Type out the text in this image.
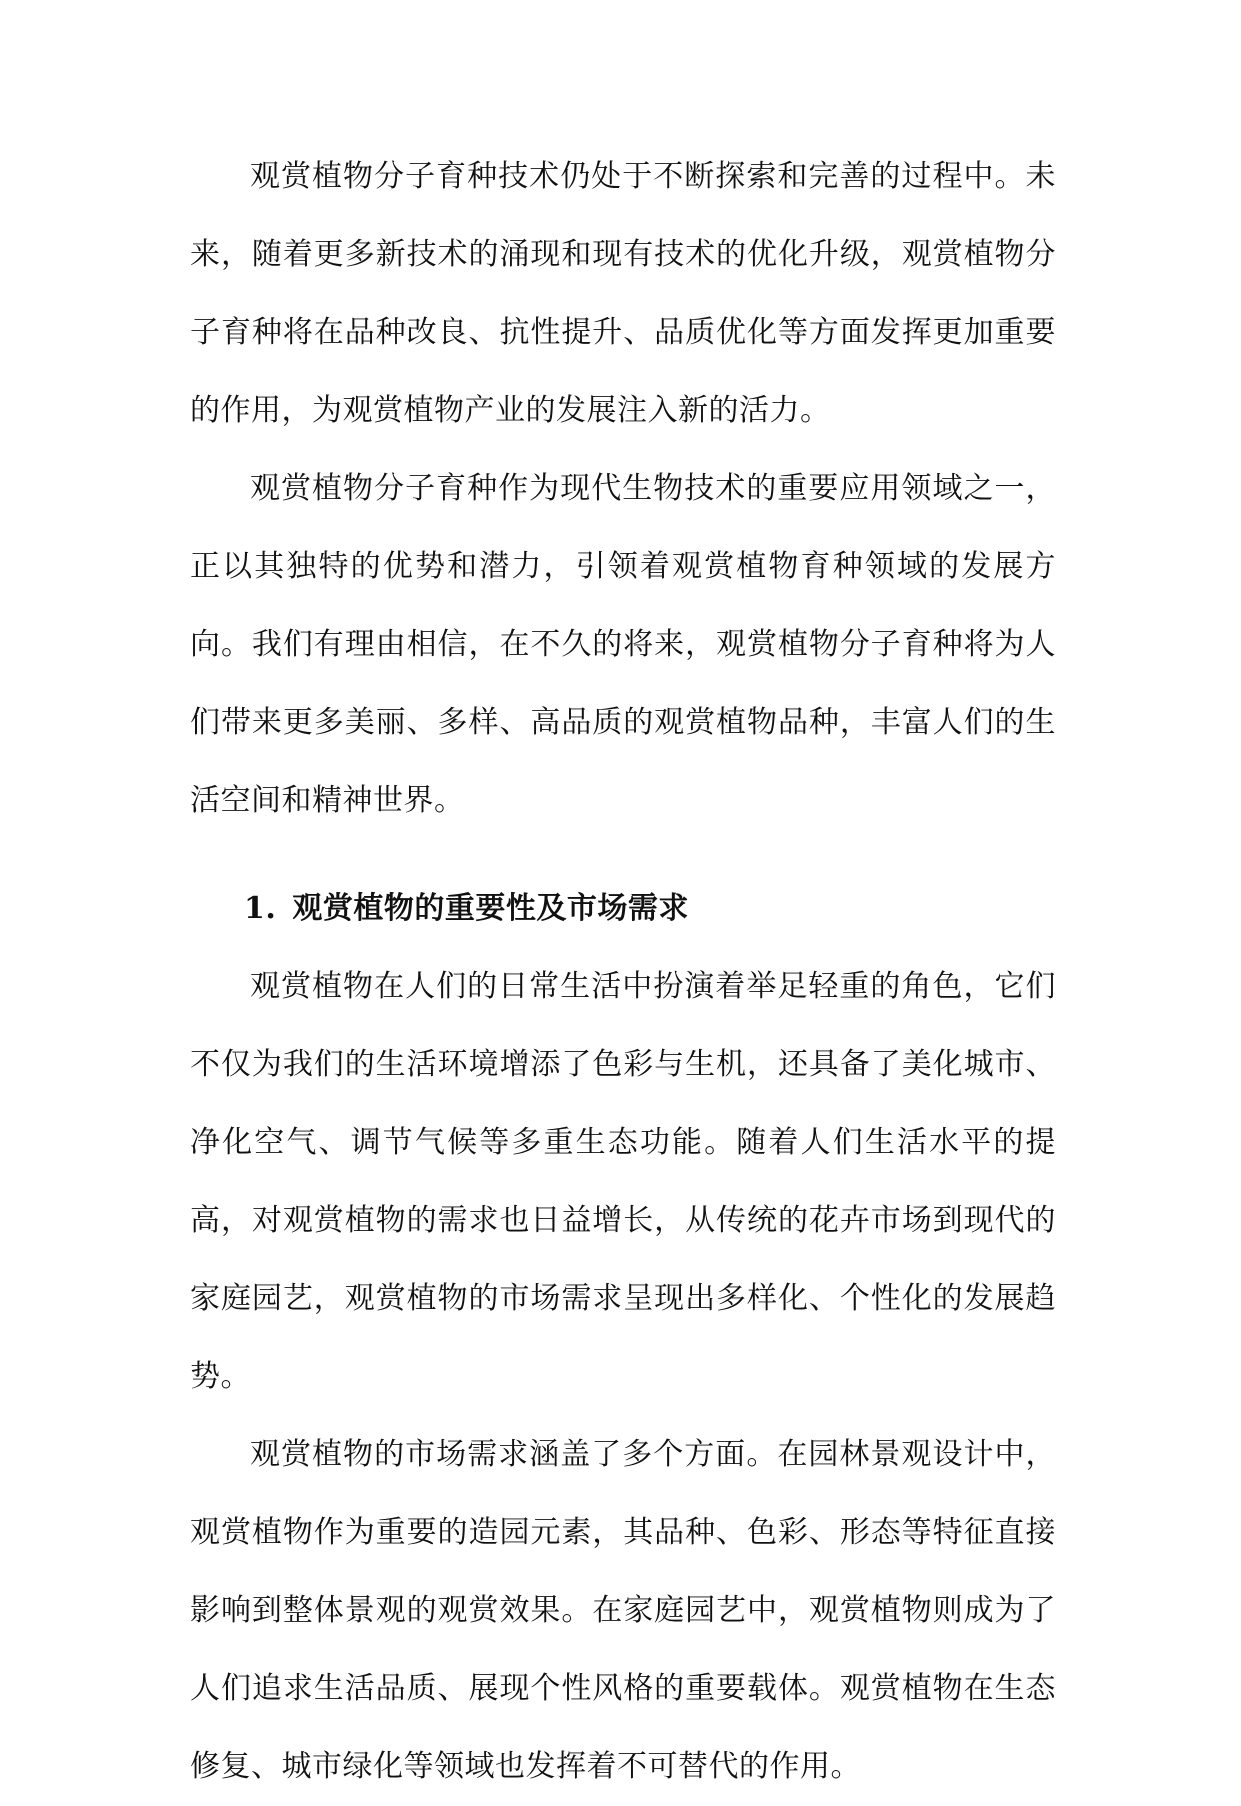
观赏植物分子育种技术仍处于不断探索和完善的过程中。未来，随着更多新技术的涌现和现有技术的优化升级，观赏植物分子育种将在品种改良、抗性提升、品质优化等方面发挥更加重要的作用，为观赏植物产业的发展注入新的活力。

观赏植物分子育种作为现代生物技术的重要应用领域之一，正以其独特的优势和潜力，引领着观赏植物育种领域的发展方向。我们有理由相信，在不久的将来，观赏植物分子育种将为人们带来更多美丽、多样、高品质的观赏植物品种，丰富人们的生活空间和精神世界。

1. 观赏植物的重要性及市场需求

观赏植物在人们的日常生活中扮演着举足轻重的角色，它们不仅为我们的生活环境增添了色彩与生机，还具备了美化城市、净化空气、调节气候等多重生态功能。随着人们生活水平的提高，对观赏植物的需求也日益增长，从传统的花卉市场到现代的家庭园艺，观赏植物的市场需求呈现出多样化、个性化的发展趋势。

观赏植物的市场需求涵盖了多个方面。在园林景观设计中，观赏植物作为重要的造园元素，其品种、色彩、形态等特征直接影响到整体景观的观赏效果。在家庭园艺中，观赏植物则成为了人们追求生活品质、展现个性风格的重要载体。观赏植物在生态修复、城市绿化等领域也发挥着不可替代的作用。
